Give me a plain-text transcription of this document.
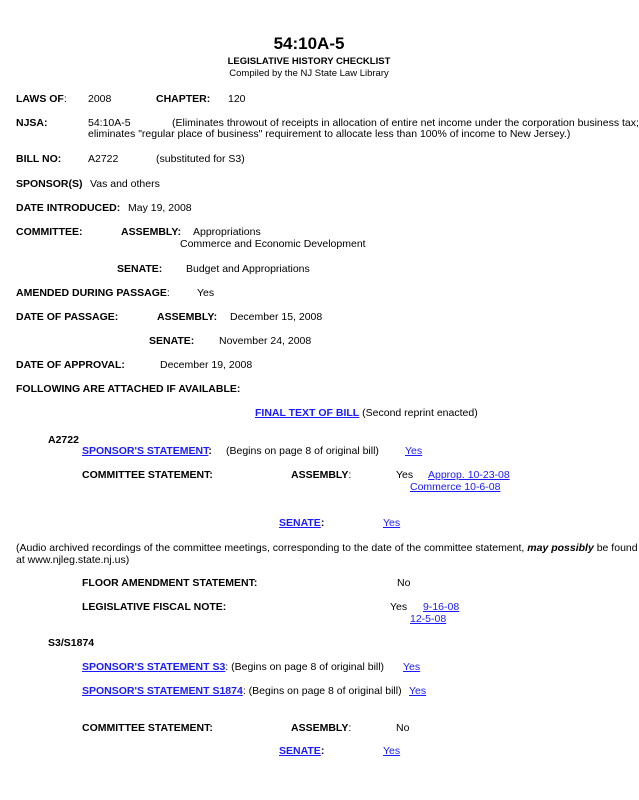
54:10A-5
LEGISLATIVE HISTORY CHECKLIST
Compiled by the NJ State Law Library
LAWS OF: 2008	CHAPTER: 120
NJSA:	54:10A-5	(Eliminates throwout of receipts in allocation of entire net income under the corporation business tax;
eliminates "regular place of business" requirement to allocate less than 100% of income to New Jersey.)
BILL NO:	A2722	(substituted for S3)
SPONSOR(S) Vas and others
DATE INTRODUCED: May 19, 2008
COMMITTEE:	ASSEMBLY: Appropriations
Commerce and Economic Development
SENATE: Budget and Appropriations
AMENDED DURING PASSAGE:	Yes
DATE OF PASSAGE:	ASSEMBLY: December 15, 2008
SENATE: November 24, 2008
DATE OF APPROVAL:	December 19, 2008
FOLLOWING ARE ATTACHED IF AVAILABLE:
FINAL TEXT OF BILL (Second reprint enacted)
A2722
SPONSOR'S STATEMENT: (Begins on page 8 of original bill) Yes
COMMITTEE STATEMENT:	ASSEMBLY:	Yes Approp. 10-23-08
Commerce 10-6-08
SENATE:	Yes
(Audio archived recordings of the committee meetings, corresponding to the date of the committee statement, may possibly be found
at www.njleg.state.nj.us)
FLOOR AMENDMENT STATEMENT:	No
LEGISLATIVE FISCAL NOTE:	Yes 9-16-08
12-5-08
S3/S1874
SPONSOR'S STATEMENT S3: (Begins on page 8 of original bill) Yes
SPONSOR'S STATEMENT S1874: (Begins on page 8 of original bill) Yes
COMMITTEE STATEMENT:	ASSEMBLY:	No
SENATE:	Yes
